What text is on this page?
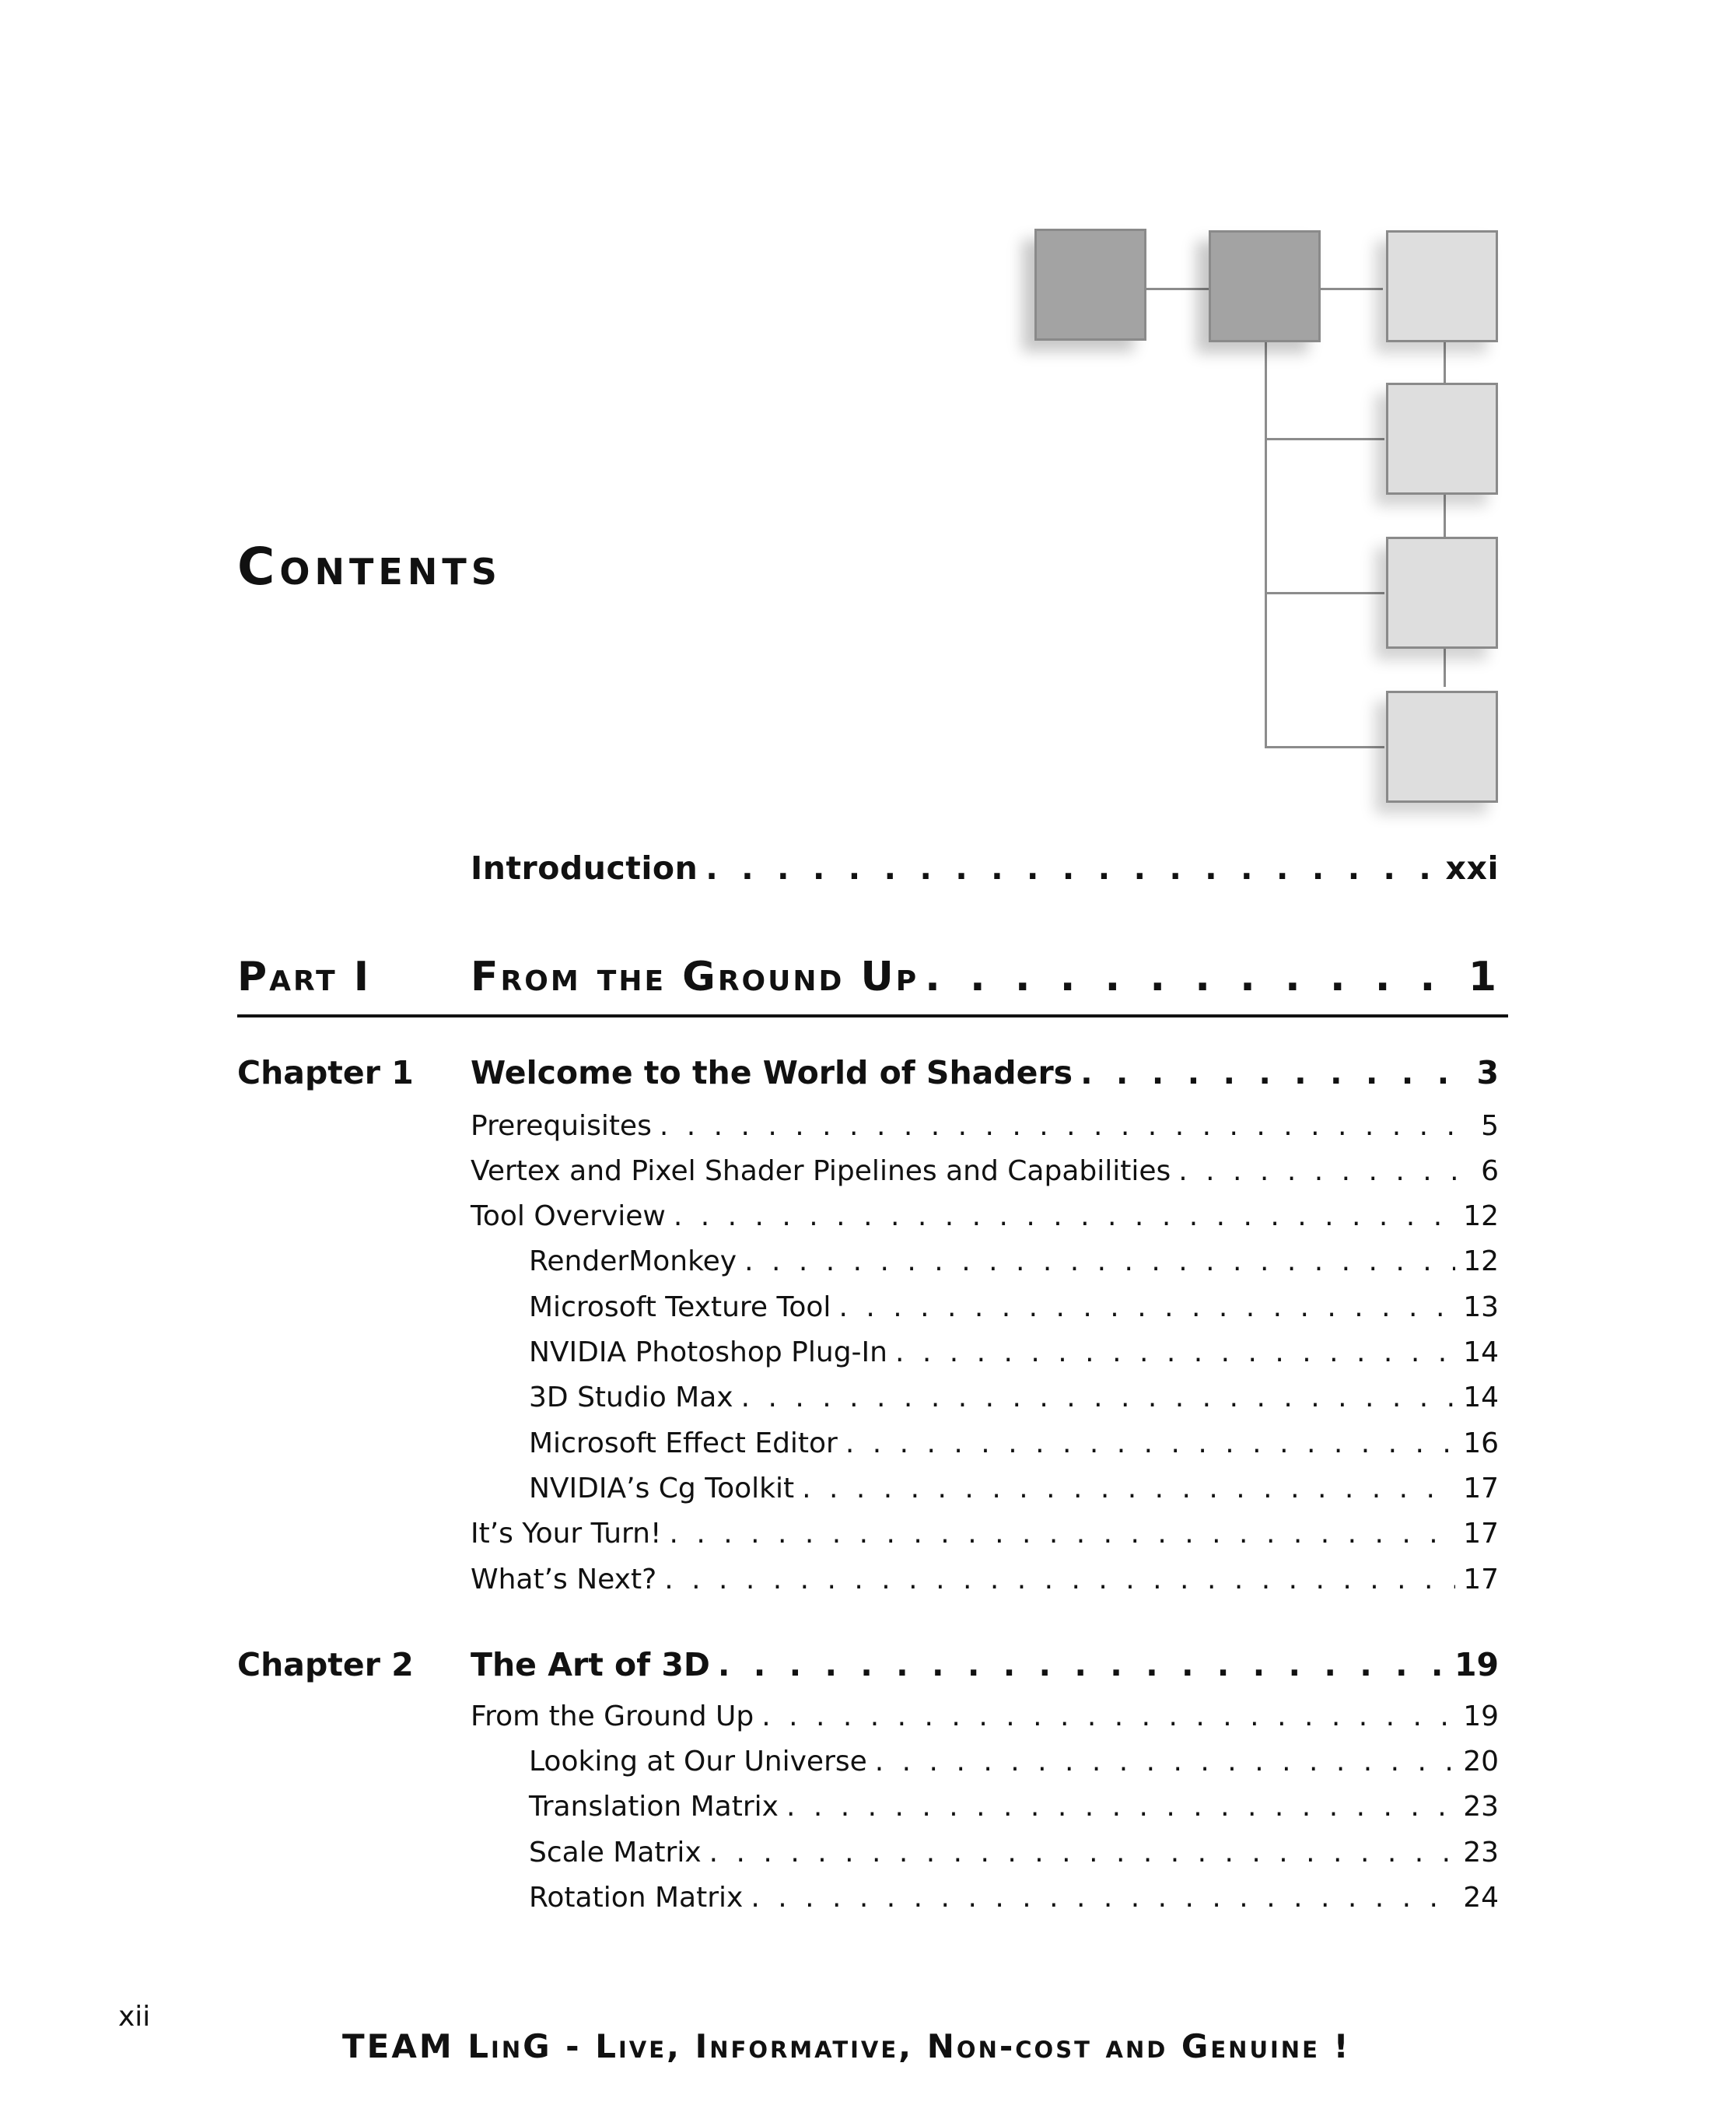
Contents
Introduction . . .	xxi
Part I From the Ground Up . . .	1
Chapter 1 Welcome to the World of Shaders . . .	3
Prerequisites . . .	5
Vertex and Pixel Shader Pipelines and Capabilities . . .	6
Tool Overview . . .	12
RenderMonkey . . .	12
Microsoft Texture Tool . . .	13
NVIDIA Photoshop Plug-In . . .	14
3D Studio Max . . .	14
Microsoft Effect Editor . . .	16
NVIDIA’s Cg Toolkit . . .	17
It’s Your Turn! . . .	17
What’s Next? . . .	17
Chapter 2 The Art of 3D . . .	19
From the Ground Up . . .	19
Looking at Our Universe . . .	20
Translation Matrix . . .	23
Scale Matrix . . .	23
Rotation Matrix . . .	24
xii
TEAM LinG - Live, Informative, Non-cost and Genuine !
